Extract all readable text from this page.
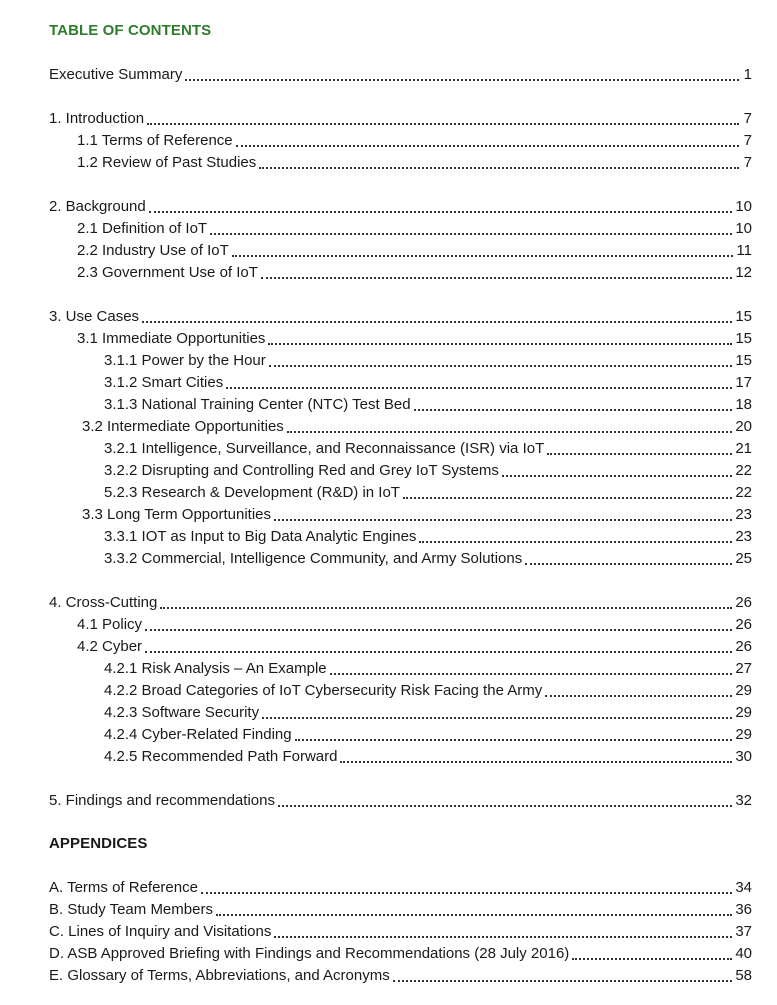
TABLE OF CONTENTS
Executive Summary	1
1. Introduction	7
1.1 Terms of Reference	7
1.2 Review of Past Studies	7
2. Background	10
2.1 Definition of IoT	10
2.2 Industry Use of IoT	11
2.3 Government Use of IoT	12
3. Use Cases	15
3.1 Immediate Opportunities	15
3.1.1 Power by the Hour	15
3.1.2 Smart Cities	17
3.1.3 National Training Center (NTC) Test Bed	18
3.2 Intermediate Opportunities	20
3.2.1 Intelligence, Surveillance, and Reconnaissance (ISR) via IoT	21
3.2.2 Disrupting and Controlling Red and Grey IoT Systems	22
5.2.3 Research & Development (R&D) in IoT	22
3.3 Long Term Opportunities	23
3.3.1 IOT as Input to Big Data Analytic Engines	23
3.3.2 Commercial, Intelligence Community, and Army Solutions	25
4. Cross-Cutting	26
4.1 Policy	26
4.2 Cyber	26
4.2.1 Risk Analysis – An Example	27
4.2.2 Broad Categories of IoT Cybersecurity Risk Facing the Army	29
4.2.3 Software Security	29
4.2.4 Cyber-Related Finding	29
4.2.5 Recommended Path Forward	30
5. Findings and recommendations	32
APPENDICES
A. Terms of Reference	34
B. Study Team Members	36
C. Lines of Inquiry and Visitations	37
D. ASB Approved Briefing with Findings and Recommendations (28 July 2016)	40
E. Glossary of Terms, Abbreviations, and Acronyms	58
